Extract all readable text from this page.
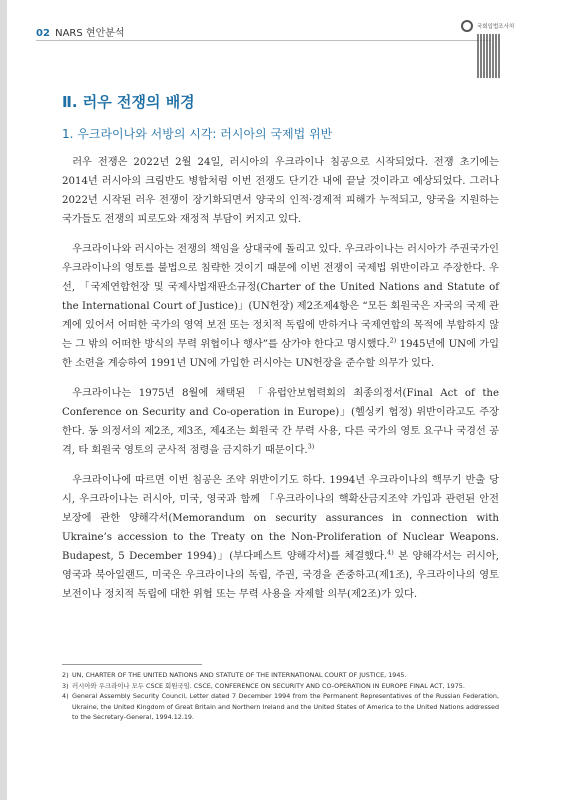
02 NARS 현안분석
국회입법조사처
Ⅱ. 러우 전쟁의 배경
1. 우크라이나와 서방의 시각: 러시아의 국제법 위반

러우 전쟁은 2022년 2월 24일, 러시아의 우크라이나 침공으로 시작되었다. 전쟁 초기에는 2014년 러시아의 크림반도 병합처럼 이번 전쟁도 단기간 내에 끝날 것이라고 예상되었다. 그러나 2022년 시작된 러우 전쟁이 장기화되면서 양국의 인적·경제적 피해가 누적되고, 양국을 지원하는 국가들도 전쟁의 피로도와 재정적 부담이 커지고 있다.

우크라이나와 러시아는 전쟁의 책임을 상대국에 돌리고 있다. 우크라이나는 러시아가 주권국가인 우크라이나의 영토를 불법으로 침략한 것이기 때문에 이번 전쟁이 국제법 위반이라고 주장한다. 우선, 「국제연합헌장 및 국제사법재판소규정(Charter of the United Nations and Statute of the International Court of Justice)」(UN헌장) 제2조제4항은 “모든 회원국은 자국의 국제 관계에 있어서 어떠한 국가의 영역 보전 또는 정치적 독립에 반하거나 국제연합의 목적에 부합하지 않는 그 밖의 어떠한 방식의 무력 위협이나 행사”를 삼가야 한다고 명시했다.$^{2)}$ 1945년에 UN에 가입한 소련을 계승하여 1991년 UN에 가입한 러시아는 UN헌장을 준수할 의무가 있다.

우크라이나는 1975년 8월에 채택된 「유럽안보협력회의 최종의정서(Final Act of the Conference on Security and Co-operation in Europe)」(헬싱키 협정) 위반이라고도 주장한다. 동 의정서의 제2조, 제3조, 제4조는 회원국 간 무력 사용, 다른 국가의 영토 요구나 국경선 공격, 타 회원국 영토의 군사적 점령을 금지하기 때문이다.$^{3)}$

우크라이나에 따르면 이번 침공은 조약 위반이기도 하다. 1994년 우크라이나의 핵무기 반출 당시, 우크라이나는 러시아, 미국, 영국과 함께 「우크라이나의 핵확산금지조약 가입과 관련된 안전 보장에 관한 양해각서(Memorandum on security assurances in connection with Ukraine’s accession to the Treaty on the Non-Proliferation of Nuclear Weapons. Budapest, 5 December 1994)」(부다페스트 양해각서)를 체결했다.$^{4)}$ 본 양해각서는 러시아, 영국과 북아일랜드, 미국은 우크라이나의 독립, 주권, 국경을 존중하고(제1조), 우크라이나의 영토 보전이나 정치적 독립에 대한 위협 또는 무력 사용을 자제할 의무(제2조)가 있다.

2) UN, CHARTER OF THE UNITED NATIONS AND STATUTE OF THE INTERNATIONAL COURT OF JUSTICE, 1945.
3) 러시아와 우크라이나 모두 CSCE 회원국임. CSCE, CONFERENCE ON SECURITY AND CO-OPERATION IN EUROPE FINAL ACT, 1975.
4) General Assembly Security Council, Letter dated 7 December 1994 from the Permanent Representatives of the Russian Federation, Ukraine, the United Kingdom of Great Britain and Northern Ireland and the United States of America to the United Nations addressed to the Secretary-General, 1994.12.19.
